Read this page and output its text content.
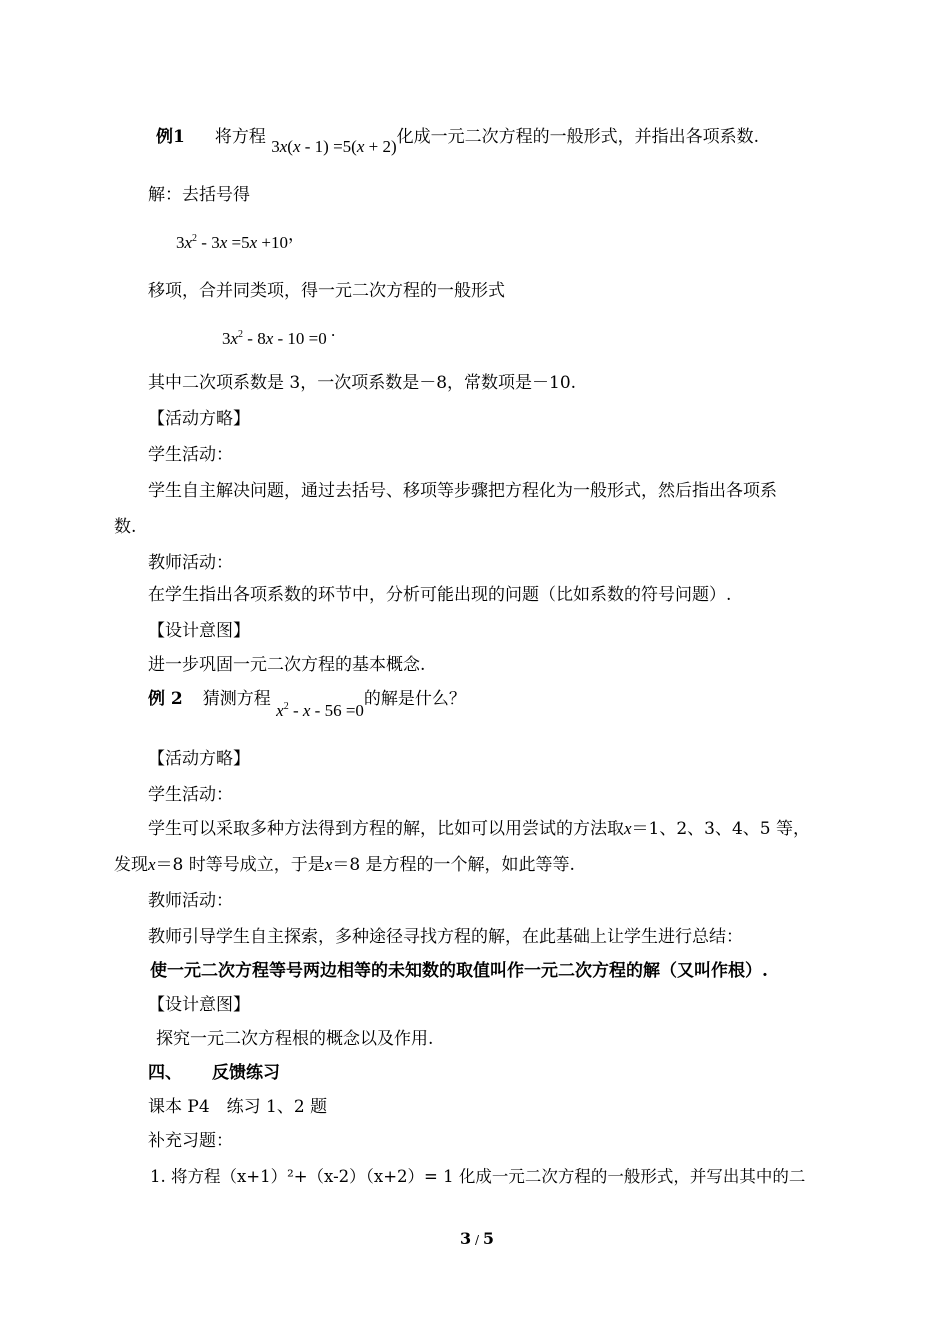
例1 将方程 3x(x - 1) =5(x + 2)化成一元二次方程的一般形式，并指出各项系数.
解：去括号得
$3x^2 - 3x =5x +10$，
移项，合并同类项，得一元二次方程的一般形式
$3x^2 - 8x - 10 =0$ .
其中二次项系数是 3，一次项系数是－8，常数项是－10.
【活动方略】
学生活动：
学生自主解决问题，通过去括号、移项等步骤把方程化为一般形式，然后指出各项系
数.
教师活动：
在学生指出各项系数的环节中，分析可能出现的问题（比如系数的符号问题）.
【设计意图】
进一步巩固一元二次方程的基本概念.
例 2 猜测方程 $x^2 - x - 56 =0$的解是什么？
【活动方略】
学生活动：
学生可以采取多种方法得到方程的解，比如可以用尝试的方法取x＝1、2、3、4、5 等，
发现x＝8 时等号成立，于是x＝8 是方程的一个解，如此等等.
教师活动：
教师引导学生自主探索，多种途径寻找方程的解，在此基础上让学生进行总结：
使一元二次方程等号两边相等的未知数的取值叫作一元二次方程的解（又叫作根）.
【设计意图】
探究一元二次方程根的概念以及作用.
四、 反馈练习
课本 P4　练习 1、2 题
补充习题：
1. 将方程（x+1）²+（x-2）（x+2）= 1 化成一元二次方程的一般形式，并写出其中的二
3 / 5
